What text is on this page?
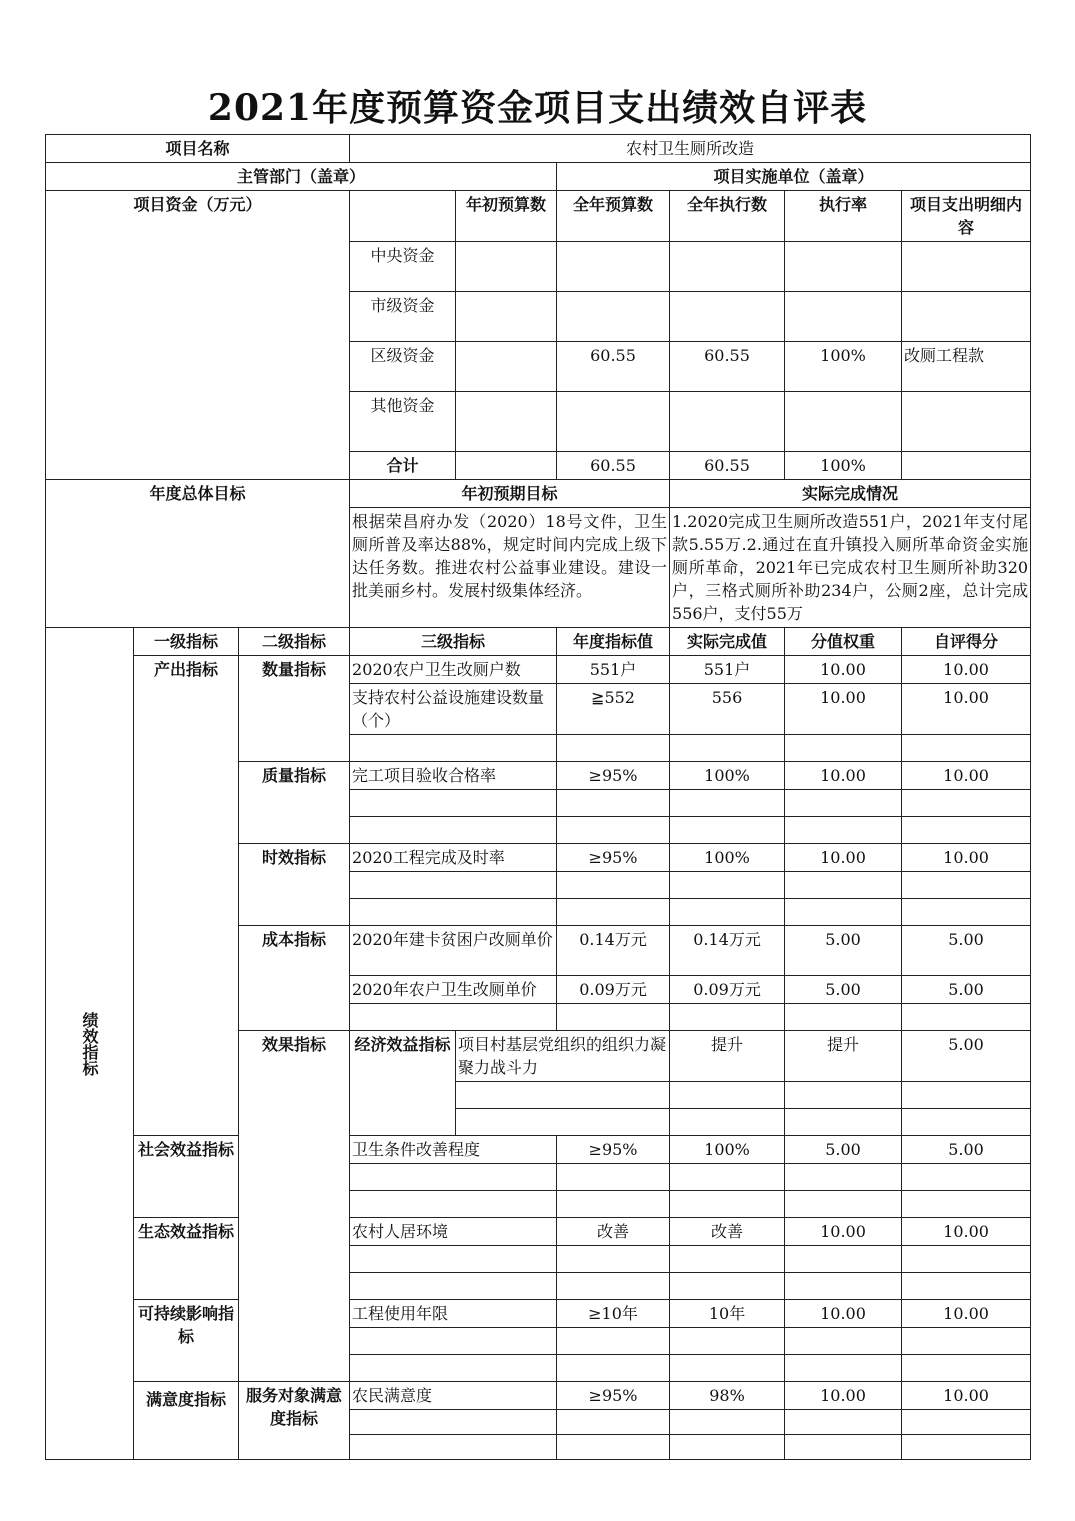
2021年度预算资金项目支出绩效自评表
项目名称			农村卫生厕所改造						
主管部门（盖章）					项目实施单位（盖章）				
项目资金（万元）				年初预算数	全年预算数	全年执行数	执行率	项目支出明细内容	
			中央资金						
			市级资金						
			区级资金		60.55	60.55	100%	改厕工程款	
			其他资金						
			合计		60.55	60.55	100%		
年度总体目标			年初预期目标			实际完成情况			
			根据荣昌府办发（2020）18号文件，卫生厕所普及率达88%，规定时间内完成上级下达任务数。推进农村公益事业建设。建设一批美丽乡村。发展村级集体经济。			1.2020完成卫生厕所改造551户，2021年支付尾款5.55万.2.通过在直升镇投入厕所革命资金实施厕所革命，2021年已完成农村卫生厕所补助320户，三格式厕所补助234户，公厕2座，总计完成556户，支付55万			
绩效指标	一级指标	二级指标	三级指标		年度指标值	实际完成值	分值权重	自评得分	
	产出指标	数量指标	2020农户卫生改厕户数		551户	551户	10.00	10.00	
			支持农村公益设施建设数量（个）		≧552	556	10.00	10.00	

		质量指标	完工项目验收合格率		≥95%	100%	10.00	10.00	

		时效指标	2020工程完成及时率		≥95%	100%	10.00	10.00	

		成本指标	2020年建卡贫困户改厕单价		0.14万元	0.14万元	5.00	5.00	
			2020年农户卫生改厕单价		0.09万元	0.09万元	5.00	5.00	

		效果指标	经济效益指标	项目村基层党组织的组织力凝聚力战斗力		提升	提升	5.00	

	社会效益指标		卫生条件改善程度		≥95%	100%	5.00	5.00	

	生态效益指标		农村人居环境		改善	改善	10.00	10.00	

	可持续影响指标		工程使用年限		≥10年	10年	10.00	10.00	

	满意度指标	服务对象满意度指标	农民满意度		≥95%	98%	10.00	10.00	
